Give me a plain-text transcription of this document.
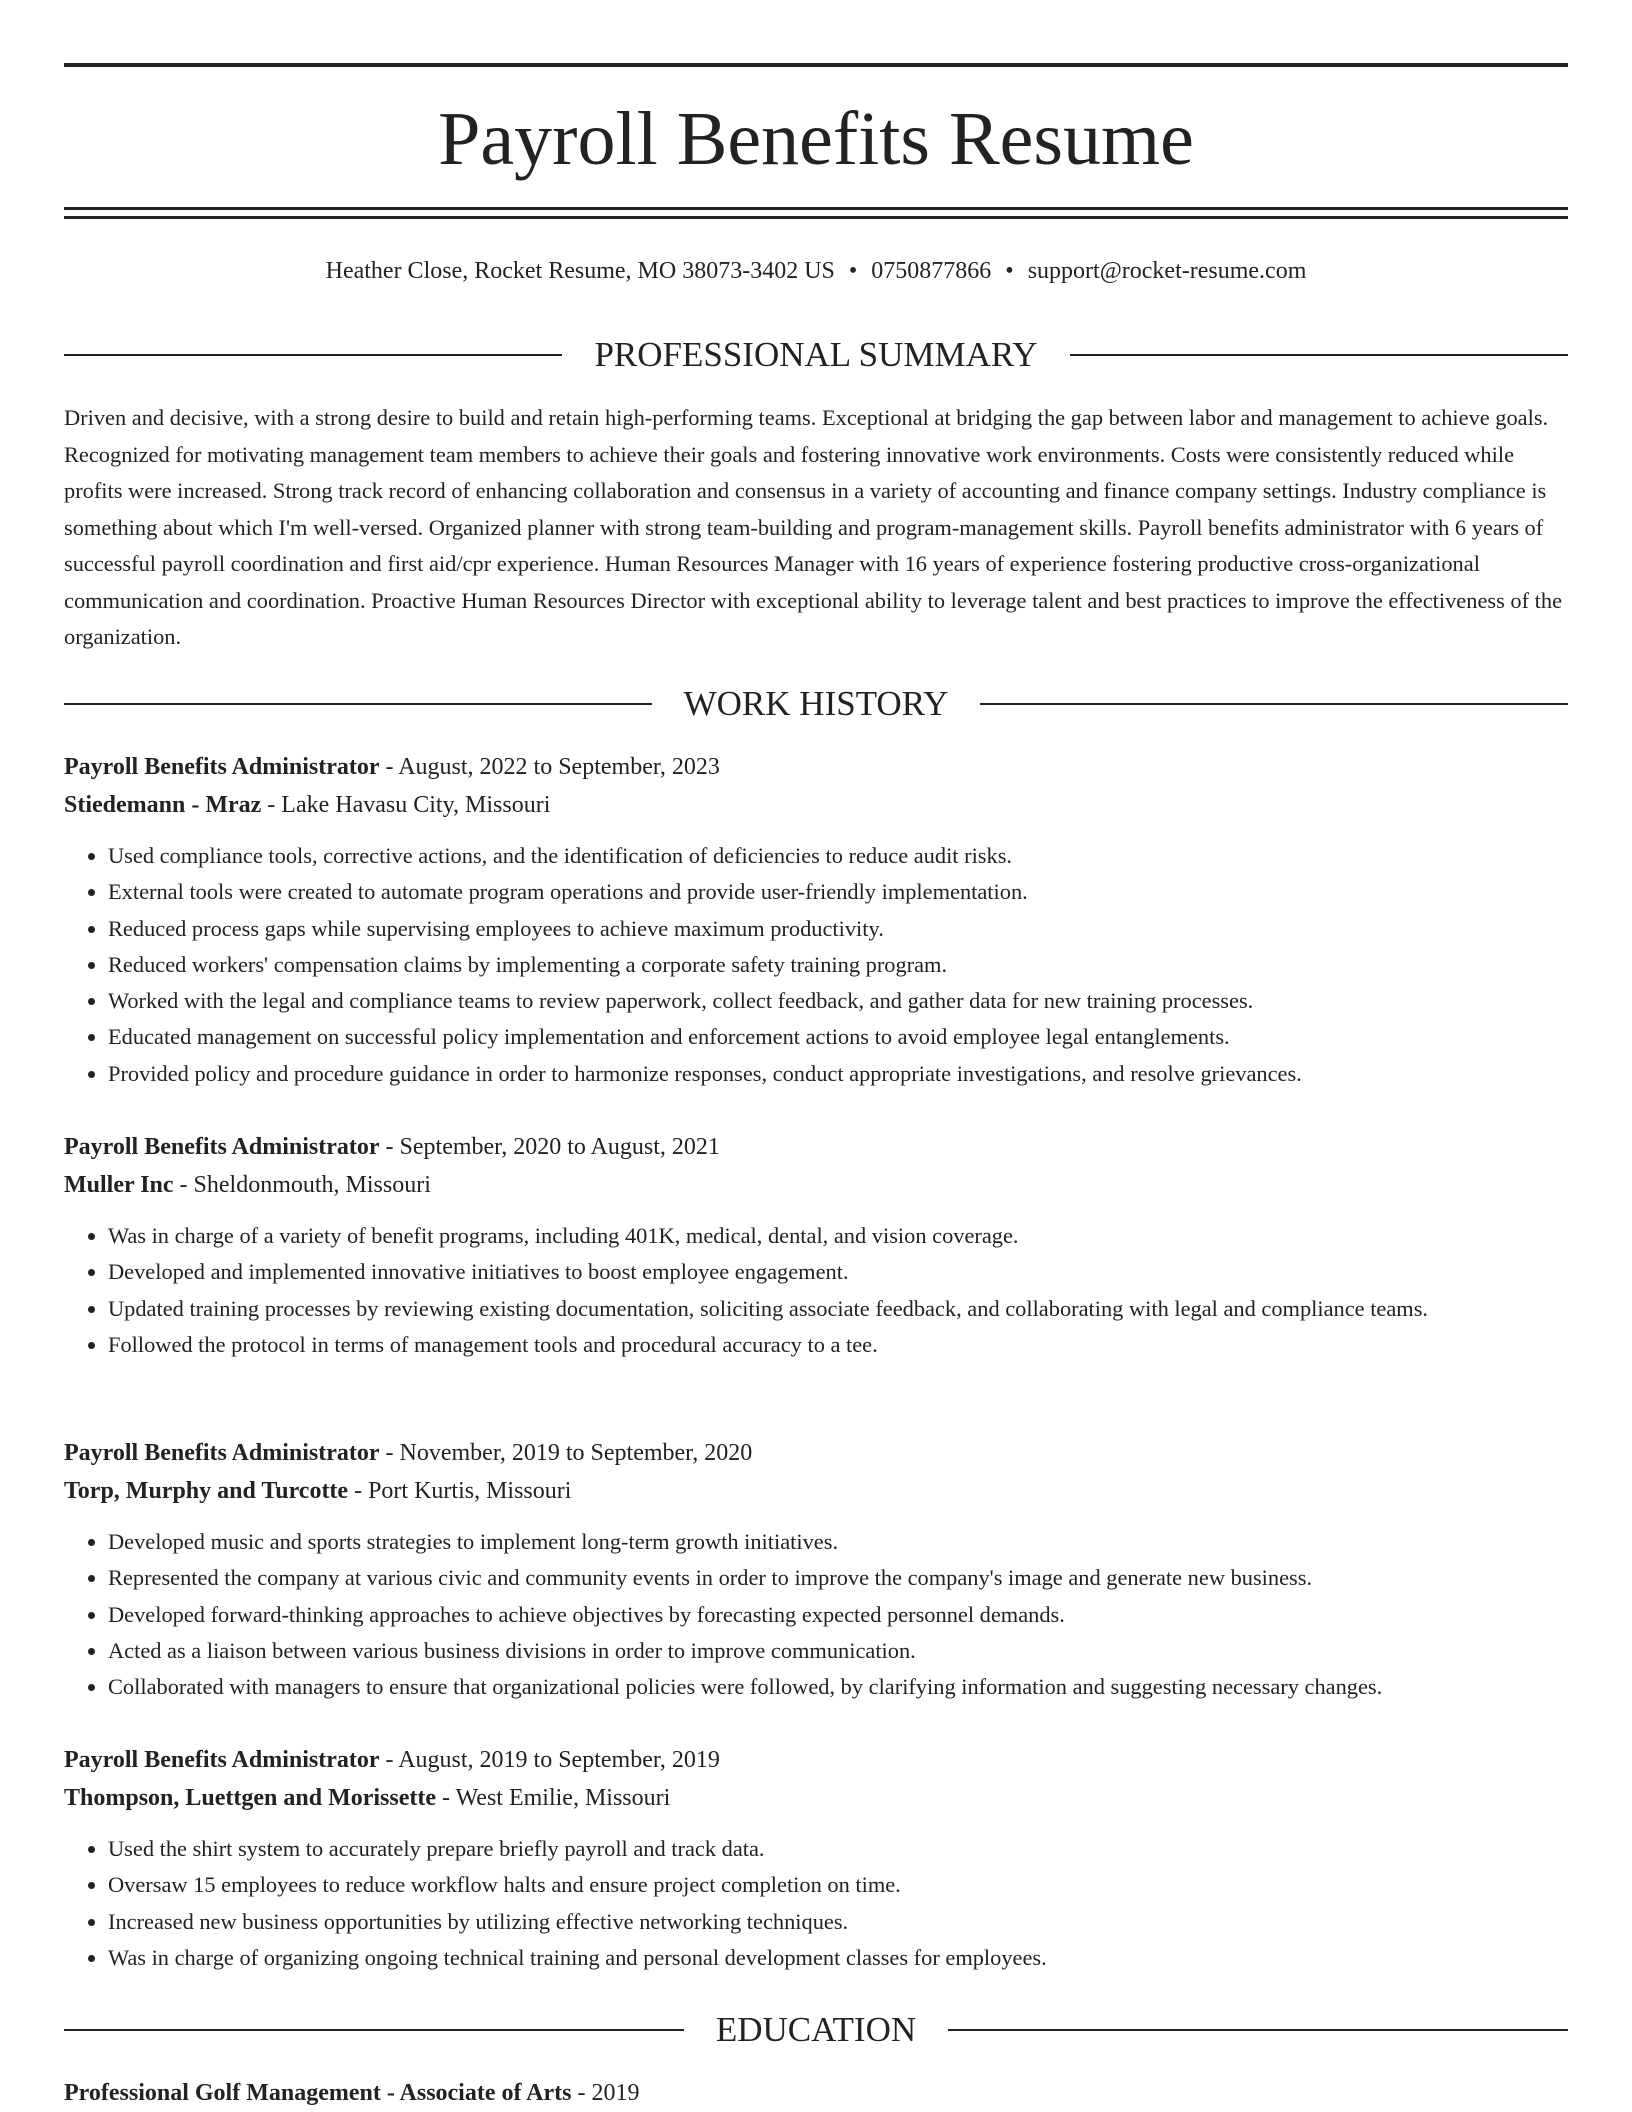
Payroll Benefits Resume
Heather Close, Rocket Resume, MO 38073-3402 US • 0750877866 • support@rocket-resume.com
PROFESSIONAL SUMMARY

Driven and decisive, with a strong desire to build and retain high-performing teams. Exceptional at bridging the gap between labor and management to achieve goals. Recognized for motivating management team members to achieve their goals and fostering innovative work environments. Costs were consistently reduced while profits were increased. Strong track record of enhancing collaboration and consensus in a variety of accounting and finance company settings. Industry compliance is something about which I'm well-versed. Organized planner with strong team-building and program-management skills. Payroll benefits administrator with 6 years of successful payroll coordination and first aid/cpr experience. Human Resources Manager with 16 years of experience fostering productive cross-organizational communication and coordination. Proactive Human Resources Director with exceptional ability to leverage talent and best practices to improve the effectiveness of the organization.

WORK HISTORY
Payroll Benefits Administrator - August, 2022 to September, 2023
Stiedemann - Mraz - Lake Havasu City, Missouri
• Used compliance tools, corrective actions, and the identification of deficiencies to reduce audit risks.
• External tools were created to automate program operations and provide user-friendly implementation.
• Reduced process gaps while supervising employees to achieve maximum productivity.
• Reduced workers' compensation claims by implementing a corporate safety training program.
• Worked with the legal and compliance teams to review paperwork, collect feedback, and gather data for new training processes.
• Educated management on successful policy implementation and enforcement actions to avoid employee legal entanglements.
• Provided policy and procedure guidance in order to harmonize responses, conduct appropriate investigations, and resolve grievances.
Payroll Benefits Administrator - September, 2020 to August, 2021
Muller Inc - Sheldonmouth, Missouri
• Was in charge of a variety of benefit programs, including 401K, medical, dental, and vision coverage.
• Developed and implemented innovative initiatives to boost employee engagement.
• Updated training processes by reviewing existing documentation, soliciting associate feedback, and collaborating with legal and compliance teams.
• Followed the protocol in terms of management tools and procedural accuracy to a tee.
Payroll Benefits Administrator - November, 2019 to September, 2020
Torp, Murphy and Turcotte - Port Kurtis, Missouri
• Developed music and sports strategies to implement long-term growth initiatives.
• Represented the company at various civic and community events in order to improve the company's image and generate new business.
• Developed forward-thinking approaches to achieve objectives by forecasting expected personnel demands.
• Acted as a liaison between various business divisions in order to improve communication.
• Collaborated with managers to ensure that organizational policies were followed, by clarifying information and suggesting necessary changes.
Payroll Benefits Administrator - August, 2019 to September, 2019
Thompson, Luettgen and Morissette - West Emilie, Missouri
• Used the shirt system to accurately prepare briefly payroll and track data.
• Oversaw 15 employees to reduce workflow halts and ensure project completion on time.
• Increased new business opportunities by utilizing effective networking techniques.
• Was in charge of organizing ongoing technical training and personal development classes for employees.
EDUCATION
Professional Golf Management - Associate of Arts - 2019
